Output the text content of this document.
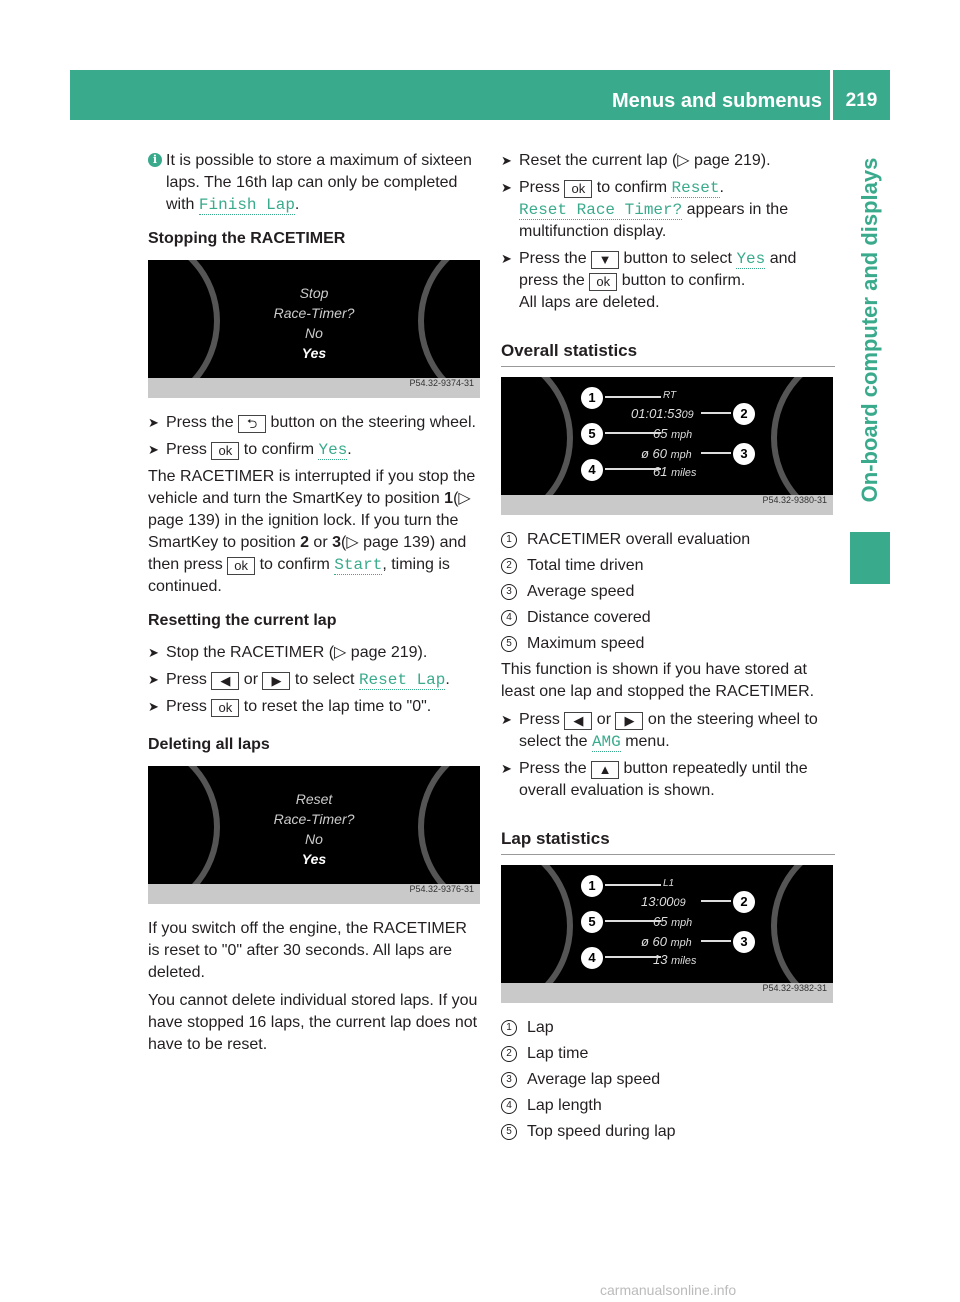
Menus and submenus	219
On-board computer and displays
i It is possible to store a maximum of sixteen laps. The 16th lap can only be completed with Finish Lap.
Stopping the RACETIMER
Stop
Race-Timer?
No
Yes
P54.32-9374-31
➤ Press the ⮌ button on the steering wheel.
➤ Press ok to confirm Yes.

The RACETIMER is interrupted if you stop the vehicle and turn the SmartKey to position 1(▷ page 139) in the ignition lock. If you turn the SmartKey to position 2 or 3(▷ page 139) and then press ok to confirm Start, timing is continued.

Resetting the current lap
➤ Stop the RACETIMER (▷ page 219).
➤ Press ◀ or ▶ to select Reset Lap.
➤ Press ok to reset the lap time to "0".
Deleting all laps
Reset
Race-Timer?
No
Yes
P54.32-9376-31

If you switch off the engine, the RACETIMER is reset to "0" after 30 seconds. All laps are deleted.

You cannot delete individual stored laps. If you have stopped 16 laps, the current lap does not have to be reset.

➤ Reset the current lap (▷ page 219).
➤ Press ok to confirm Reset.
Reset Race Timer? appears in the multifunction display.
➤ Press the ▼ button to select Yes and press the ok button to confirm.
All laps are deleted.
Overall statistics
1
2
3
4
5
RT
01:01:5309
65 mph
ø 60 mph
61 miles
P54.32-9380-31
1 RACETIMER overall evaluation
2 Total time driven
3 Average speed
4 Distance covered
5 Maximum speed

This function is shown if you have stored at least one lap and stopped the RACETIMER.

➤ Press ◀ or ▶ on the steering wheel to select the AMG menu.
➤ Press the ▲ button repeatedly until the overall evaluation is shown.
Lap statistics
1
2
3
4
5
L1
13:0009
65 mph
ø 60 mph
13 miles
P54.32-9382-31
1 Lap
2 Lap time
3 Average lap speed
4 Lap length
5 Top speed during lap
carmanualsonline.info
